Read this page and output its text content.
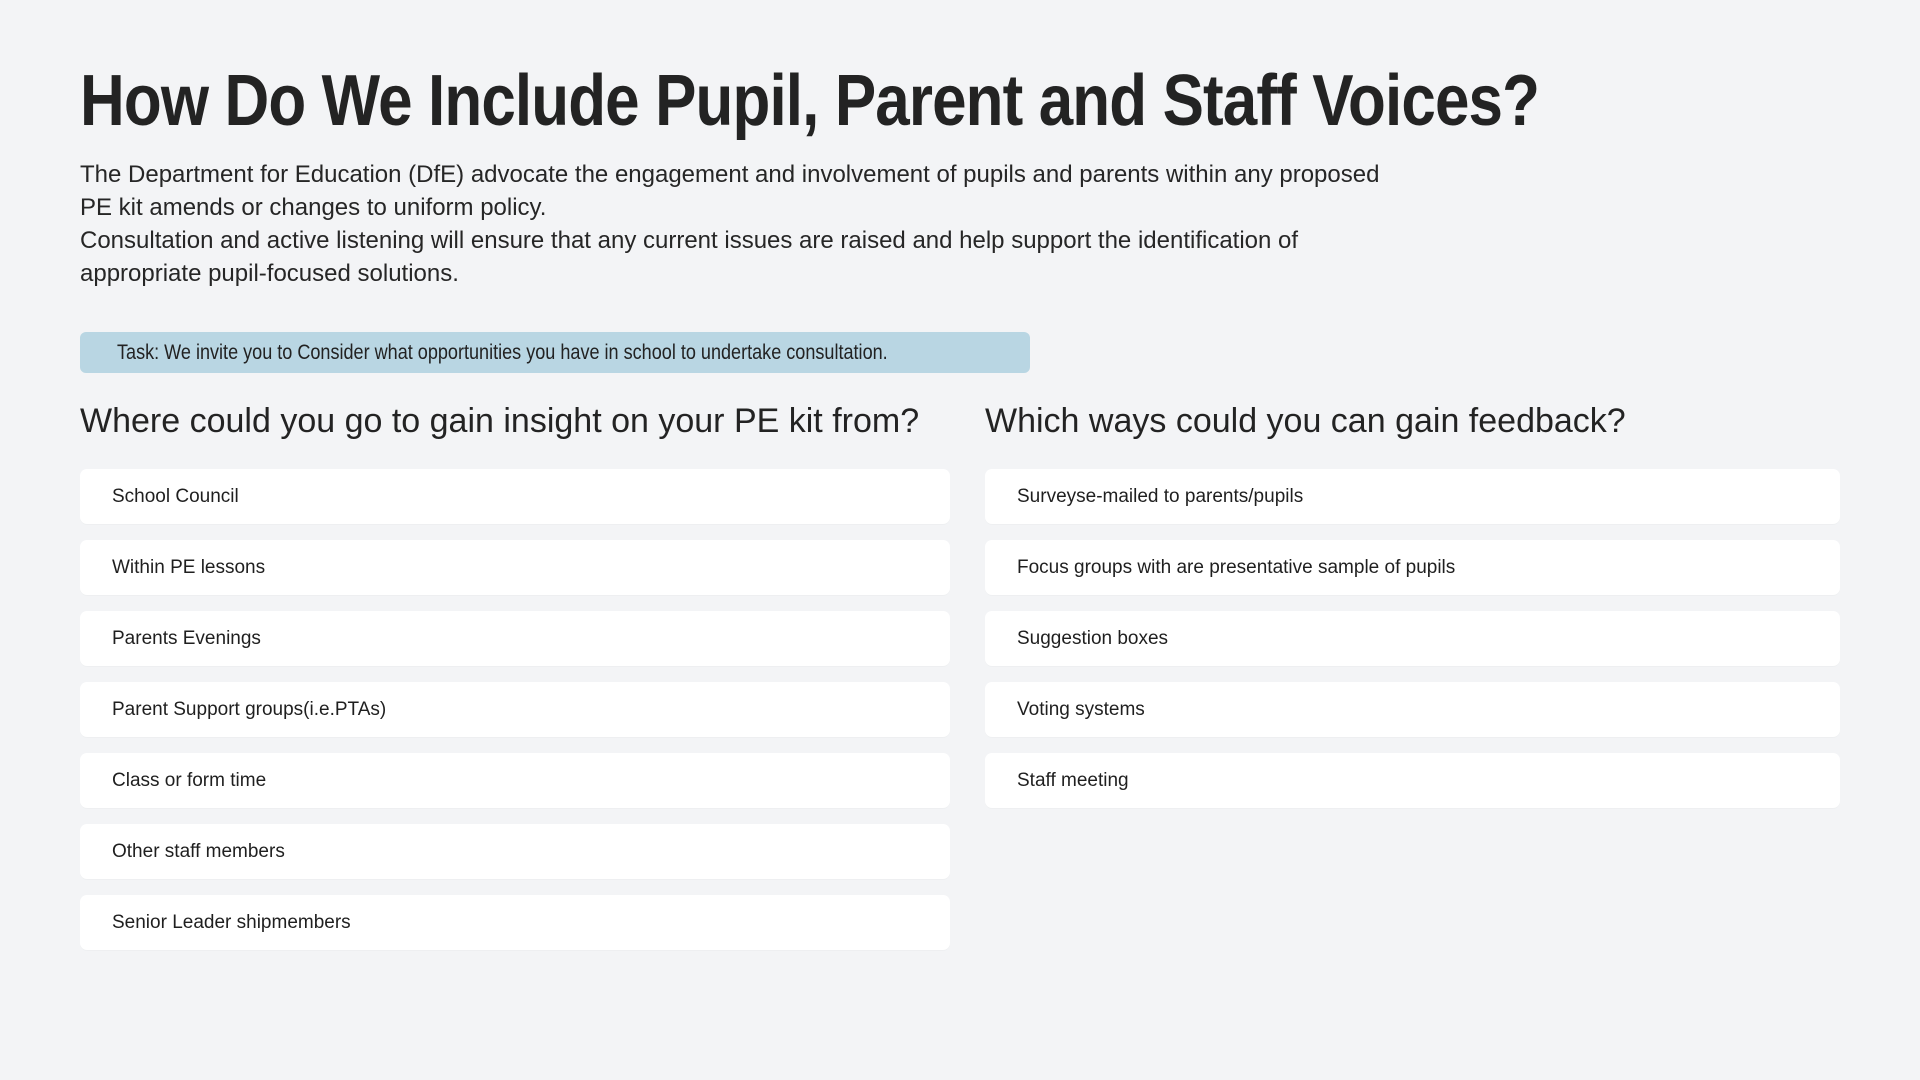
How Do We Include Pupil, Parent and Staff Voices?

The Department for Education (DfE) advocate the engagement and involvement of pupils and parents within any proposed PE kit amends or changes to uniform policy.

Consultation and active listening will ensure that any current issues are raised and help support the identification of appropriate pupil-focused solutions.

Task: We invite you to Consider what opportunities you have in school to undertake consultation.
Where could you go to gain insight on your PE kit from?
School Council
Within PE lessons
Parents Evenings
Parent Support groups(i.e.PTAs)
Class or form time
Other staff members
Senior Leader shipmembers
Which ways could you can gain feedback?
Surveyse-mailed to parents/pupils
Focus groups with are presentative sample of pupils
Suggestion boxes
Voting systems
Staff meeting
